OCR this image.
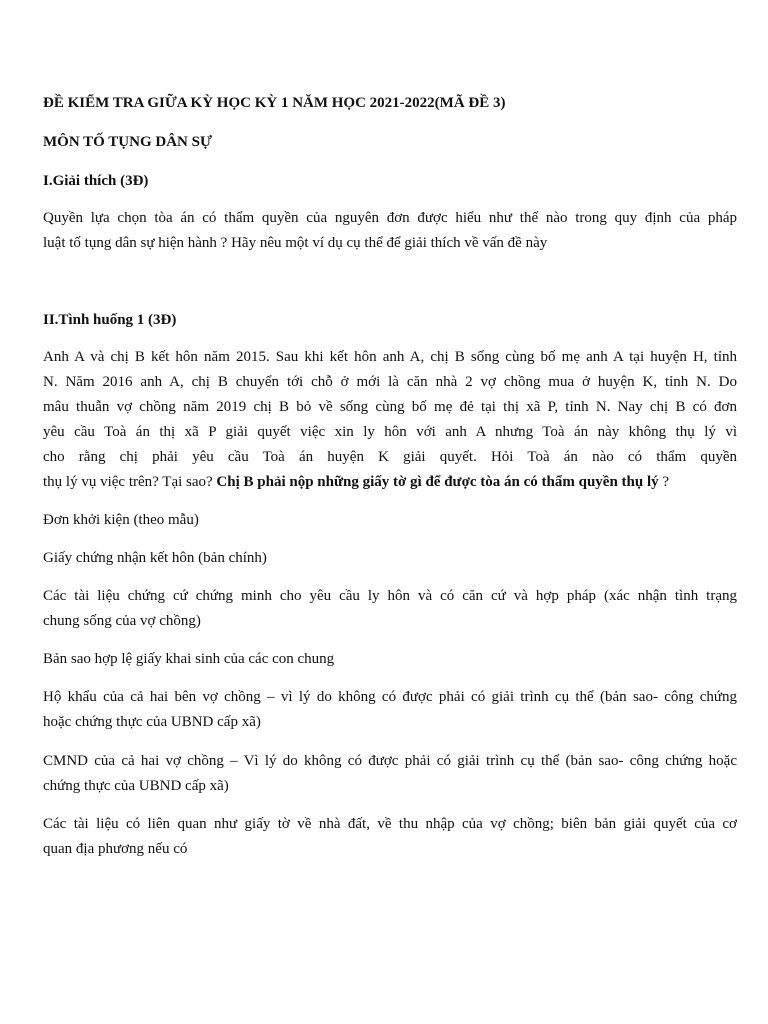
ĐỀ KIỂM TRA GIỮA KỲ HỌC KỲ 1 NĂM HỌC 2021-2022(MÃ ĐỀ 3)
MÔN TỐ TỤNG DÂN SỰ
I.Giải thích (3Đ)
Quyền lựa chọn tòa án có thẩm quyền của nguyên đơn được hiểu như thế nào trong quy định của pháp
luật tố tụng dân sự hiện hành ? Hãy nêu một ví dụ cụ thể để giải thích về vấn đề này
II.Tình huống 1 (3Đ)
Anh A và chị B kết hôn năm 2015. Sau khi kết hôn anh A, chị B sống cùng bố mẹ anh A tại huyện H, tỉnh
N. Năm 2016 anh A, chị B chuyển tới chỗ ở mới là căn nhà 2 vợ chồng mua ở huyện K, tỉnh N. Do
mâu thuẫn vợ chồng năm 2019 chị B bỏ về sống cùng bố mẹ đẻ tại thị xã P, tỉnh N. Nay chị B có đơn
yêu cầu Toà án thị xã P giải quyết việc xin ly hôn với anh A nhưng Toà án này không thụ lý vì
cho rằng chị phải yêu cầu Toà án huyện K giải quyết. Hỏi Toà án nào có thẩm quyền
thụ lý vụ việc trên? Tại sao? Chị B phải nộp những giấy tờ gì để được tòa án có thẩm quyền thụ lý ?
Đơn khởi kiện (theo mẫu)
Giấy chứng nhận kết hôn (bản chính)
Các tài liệu chứng cứ chứng minh cho yêu cầu ly hôn và có căn cứ và hợp pháp (xác nhận tình trạng
chung sống của vợ chồng)
Bản sao hợp lệ giấy khai sinh của các con chung
Hộ khẩu của cả hai bên vợ chồng – vì lý do không có được phải có giải trình cụ thể (bản sao- công chứng
hoặc chứng thực của UBND cấp xã)
CMND của cả hai vợ chồng – Vì lý do không có được phải có giải trình cụ thể (bản sao- công chứng hoặc
chứng thực của UBND cấp xã)
Các tài liệu có liên quan như giấy tờ về nhà đất, về thu nhập của vợ chồng; biên bản giải quyết của cơ
quan địa phương nếu có
